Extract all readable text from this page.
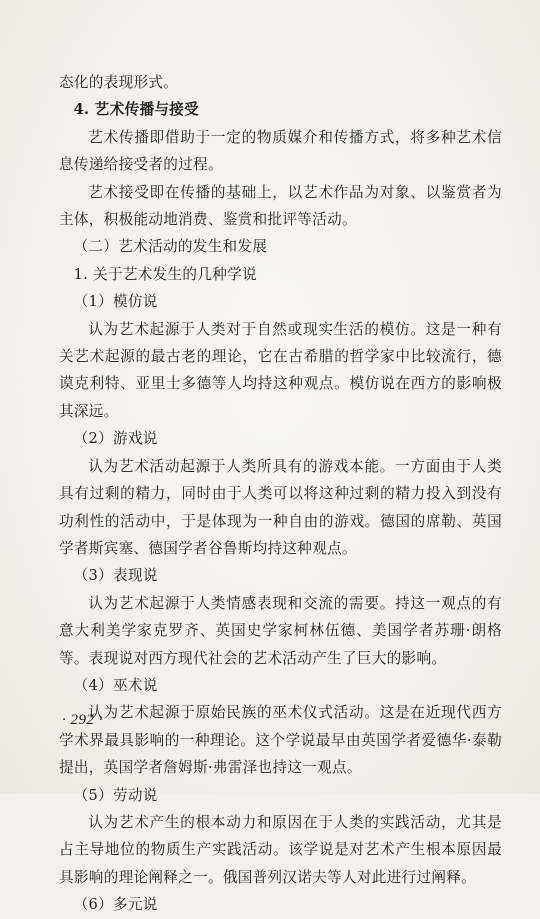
态化的表现形式。

4. 艺术传播与接受

艺术传播即借助于一定的物质媒介和传播方式，将多种艺术信息传递给接受者的过程。

艺术接受即在传播的基础上，以艺术作品为对象、以鉴赏者为主体，积极能动地消费、鉴赏和批评等活动。

（二）艺术活动的发生和发展

1. 关于艺术发生的几种学说

（1）模仿说

认为艺术起源于人类对于自然或现实生活的模仿。这是一种有关艺术起源的最古老的理论，它在古希腊的哲学家中比较流行，德谟克利特、亚里士多德等人均持这种观点。模仿说在西方的影响极其深远。

（2）游戏说

认为艺术活动起源于人类所具有的游戏本能。一方面由于人类具有过剩的精力，同时由于人类可以将这种过剩的精力投入到没有功利性的活动中，于是体现为一种自由的游戏。德国的席勒、英国学者斯宾塞、德国学者谷鲁斯均持这种观点。

（3）表现说

认为艺术起源于人类情感表现和交流的需要。持这一观点的有意大利美学家克罗齐、英国史学家柯林伍德、美国学者苏珊·朗格等。表现说对西方现代社会的艺术活动产生了巨大的影响。

（4）巫术说

认为艺术起源于原始民族的巫术仪式活动。这是在近现代西方学术界最具影响的一种理论。这个学说最早由英国学者爱德华·泰勒提出，英国学者詹姆斯·弗雷泽也持这一观点。

（5）劳动说

认为艺术产生的根本动力和原因在于人类的实践活动，尤其是占主导地位的物质生产实践活动。该学说是对艺术产生根本原因最具影响的理论阐释之一。俄国普列汉诺夫等人对此进行过阐释。

（6）多元说

· 292 ·
